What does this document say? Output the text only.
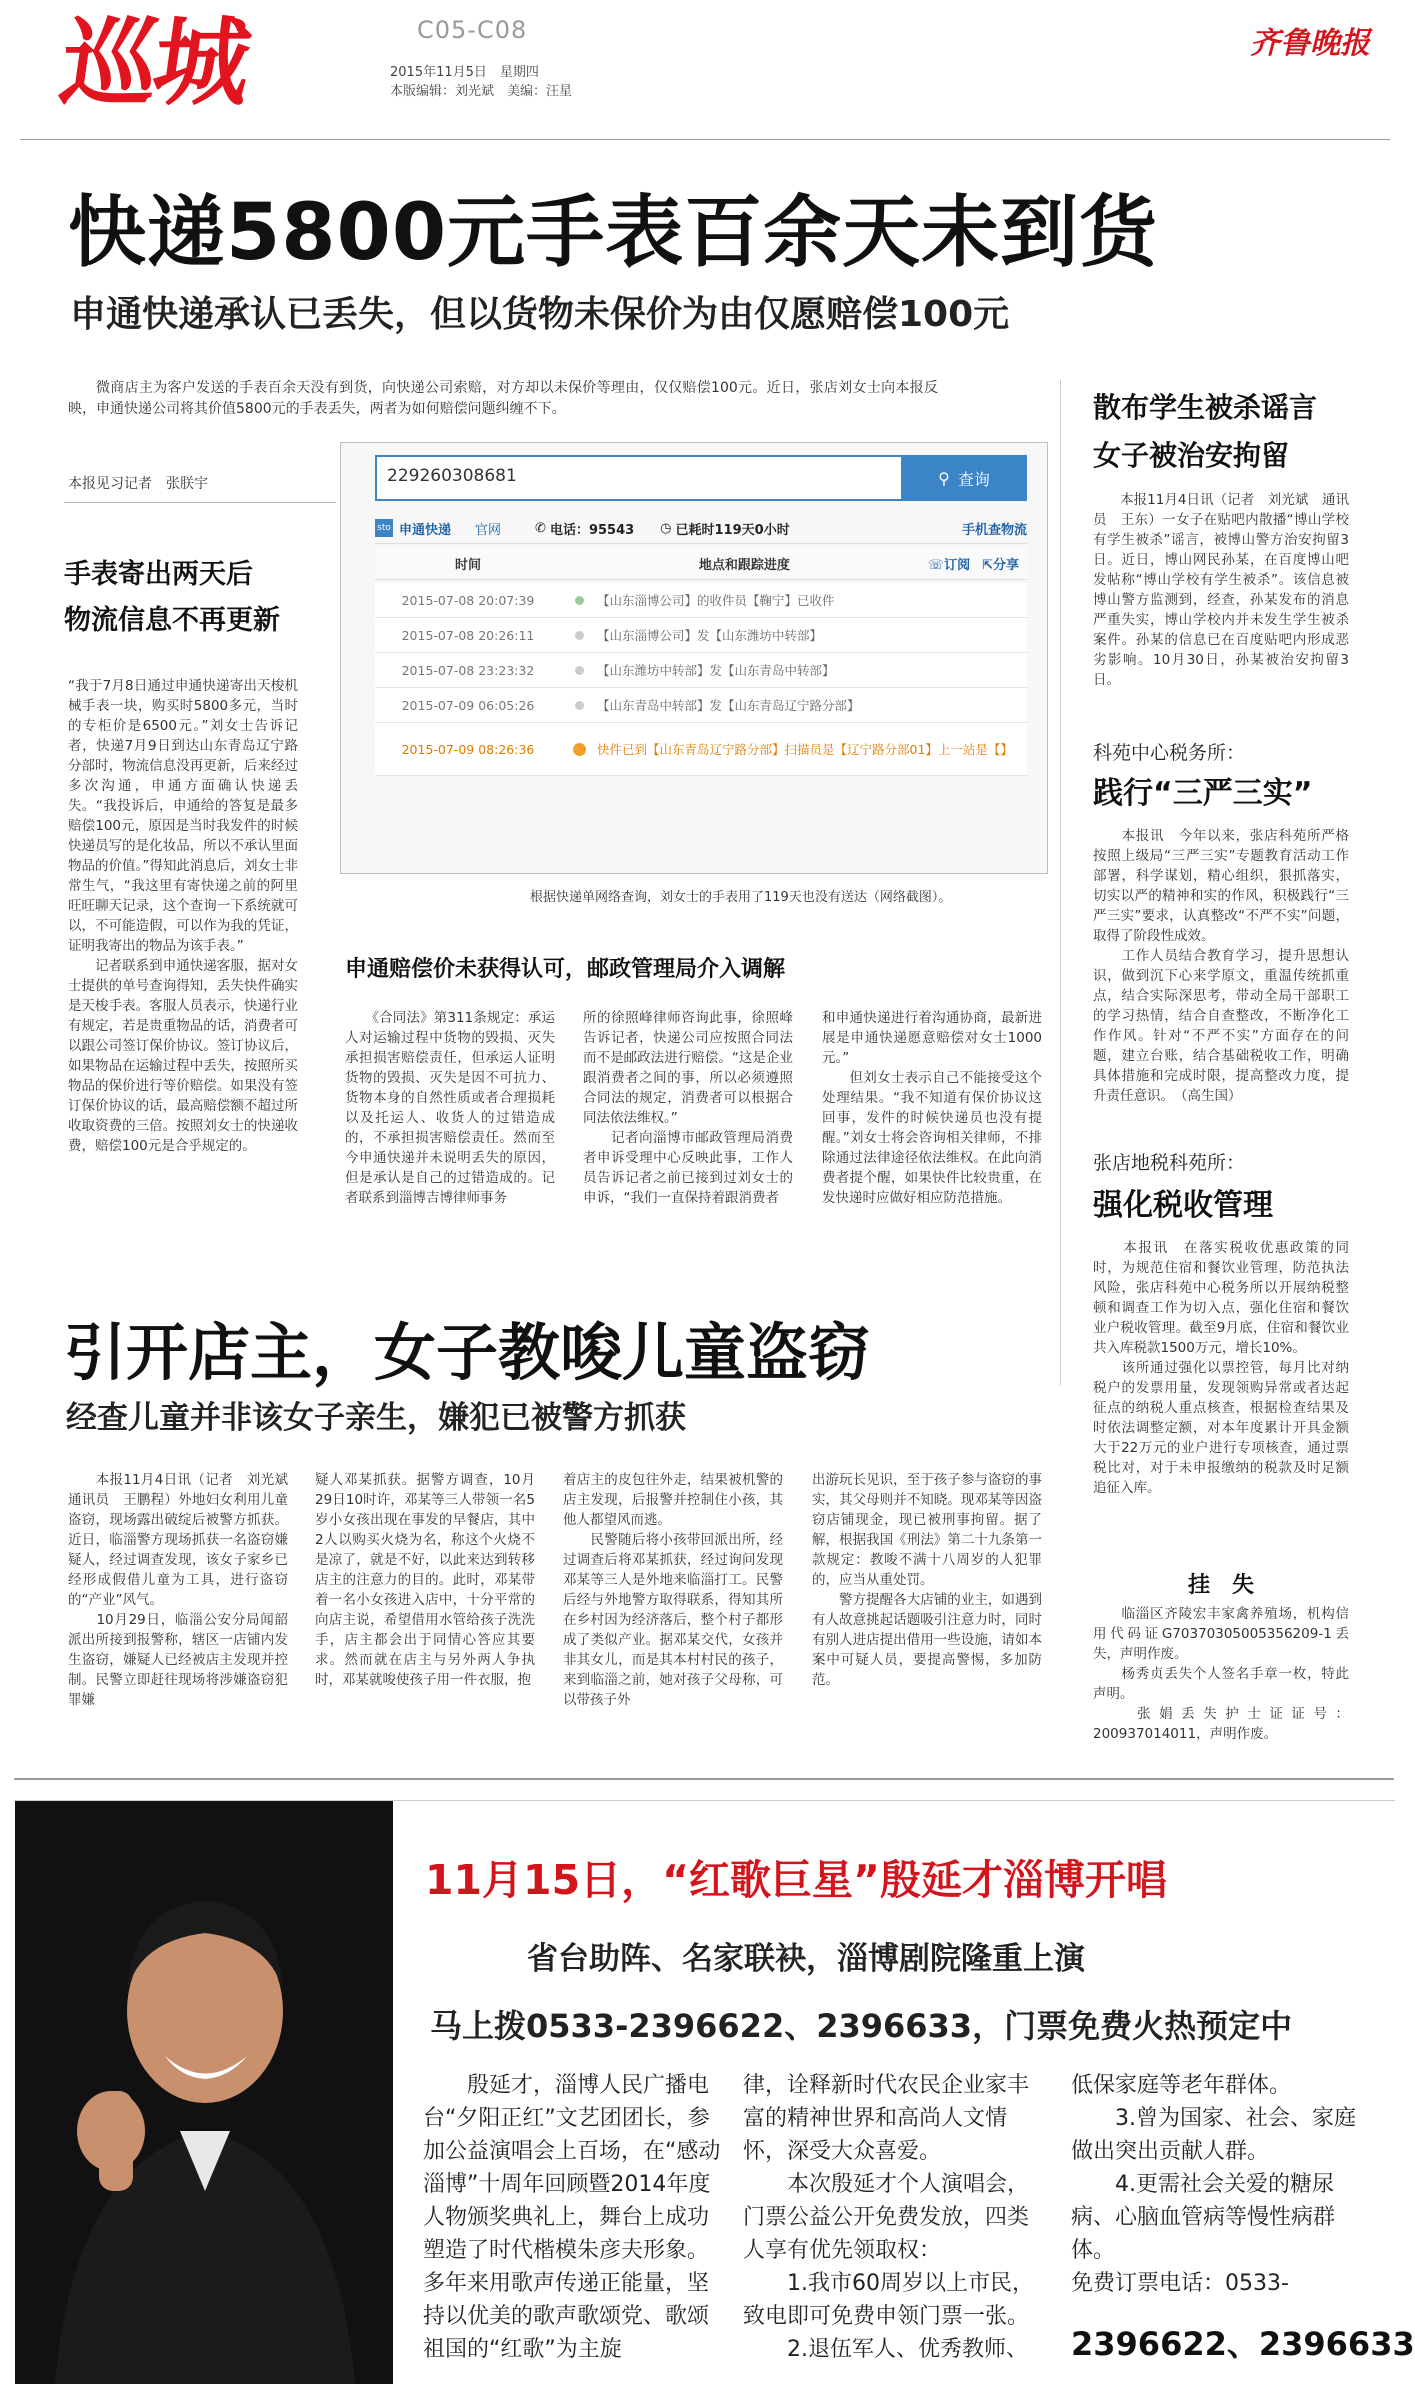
巡城	C05-C08
2015年11月5日　星期四
本版编辑：刘光斌　美编：汪星
齐鲁晚报
快递5800元手表百余天未到货
申通快递承认已丢失，但以货物未保价为由仅愿赔偿100元
微商店主为客户发送的手表百余天没有到货，向快递公司索赔，对方却以未保价等理由，仅仅赔偿100元。近日，张店刘女士向本报反映，申通快递公司将其价值5800元的手表丢失，两者为如何赔偿问题纠缠不下。
本报见习记者　张朕宇
手表寄出两天后
物流信息不再更新
“我于7月8日通过申通快递寄出天梭机械手表一块，购买时5800多元，当时的专柜价是6500元。”刘女士告诉记者，快递7月9日到达山东青岛辽宁路分部时，物流信息没再更新，后来经过多次沟通，申通方面确认快递丢失。“我投诉后，申通给的答复是最多赔偿100元，原因是当时我发件的时候快递员写的是化妆品，所以不承认里面物品的价值。”得知此消息后，刘女士非常生气，“我这里有寄快递之前的阿里旺旺聊天记录，这个查询一下系统就可以，不可能造假，可以作为我的凭证，证明我寄出的物品为该手表。”
　　记者联系到申通快递客服，据对女士提供的单号查询得知，丢失快件确实是天梭手表。客服人员表示，快递行业有规定，若是贵重物品的话，消费者可以跟公司签订保价协议。签订协议后，如果物品在运输过程中丢失，按照所买物品的保价进行等价赔偿。如果没有签订保价协议的话，最高赔偿额不超过所收取资费的三倍。按照刘女士的快递收费，赔偿100元是合乎规定的。
229260308681	⚲ 查询
sto 申通快递 官网	✆ 电话：95543 ◷ 已耗时119天0小时	手机查物流
时间	地点和跟踪进度	☏订阅 ⇱分享
2015-07-08 20:07:39	【山东淄博公司】的收件员【鞠宁】已收件
2015-07-08 20:26:11	【山东淄博公司】发【山东潍坊中转部】
2015-07-08 23:23:32	【山东潍坊中转部】发【山东青岛中转部】
2015-07-09 06:05:26	【山东青岛中转部】发【山东青岛辽宁路分部】
2015-07-09 08:26:36	快件已到【山东青岛辽宁路分部】扫描员是【辽宁路分部01】上一站是【】
根据快递单网络查询，刘女士的手表用了119天也没有送达（网络截图）。
申通赔偿价未获得认可，邮政管理局介入调解
　　《合同法》第311条规定：承运人对运输过程中货物的毁损、灭失承担损害赔偿责任，但承运人证明货物的毁损、灭失是因不可抗力、货物本身的自然性质或者合理损耗以及托运人、收货人的过错造成的，不承担损害赔偿责任。然而至今申通快递并未说明丢失的原因，但是承认是自己的过错造成的。记者联系到淄博吉博律师事务
所的徐照峰律师咨询此事，徐照峰告诉记者，快递公司应按照合同法而不是邮政法进行赔偿。“这是企业跟消费者之间的事，所以必须遵照合同法的规定，消费者可以根据合同法依法维权。”
　　记者向淄博市邮政管理局消费者申诉受理中心反映此事，工作人员告诉记者之前已接到过刘女士的申诉，“我们一直保持着跟消费者
和申通快递进行着沟通协商，最新进展是申通快递愿意赔偿对女士1000元。”
　　但刘女士表示自己不能接受这个处理结果。“我不知道有保价协议这回事，发件的时候快递员也没有提醒。”刘女士将会咨询相关律师，不排除通过法律途径依法维权。在此向消费者提个醒，如果快件比较贵重，在发快递时应做好相应防范措施。
引开店主，女子教唆儿童盗窃
经查儿童并非该女子亲生，嫌犯已被警方抓获
　　本报11月4日讯（记者　刘光斌　通讯员　王鹏程）外地妇女利用儿童盗窃，现场露出破绽后被警方抓获。近日，临淄警方现场抓获一名盗窃嫌疑人，经过调查发现，该女子家乡已经形成假借儿童为工具，进行盗窃的“产业”风气。
　　10月29日，临淄公安分局闻韶派出所接到报警称，辖区一店铺内发生盗窃，嫌疑人已经被店主发现并控制。民警立即赶往现场将涉嫌盗窃犯罪嫌
疑人邓某抓获。据警方调查，10月29日10时许，邓某等三人带领一名5岁小女孩出现在事发的早餐店，其中2人以购买火烧为名，称这个火烧不是凉了，就是不好，以此来达到转移店主的注意力的目的。此时，邓某带着一名小女孩进入店中，十分平常的向店主说，希望借用水管给孩子洗洗手，店主都会出于同情心答应其要求。然而就在店主与另外两人争执时，邓某就唆使孩子用一件衣服，抱
着店主的皮包往外走，结果被机警的店主发现，后报警并控制住小孩，其他人都望风而逃。
　　民警随后将小孩带回派出所，经过调查后将邓某抓获，经过询问发现邓某等三人是外地来临淄打工。民警后经与外地警方取得联系，得知其所在乡村因为经济落后，整个村子都形成了类似产业。据邓某交代，女孩并非其女儿，而是其本村村民的孩子，来到临淄之前，她对孩子父母称，可以带孩子外
出游玩长见识，至于孩子参与盗窃的事实，其父母则并不知晓。现邓某等因盗窃店铺现金，现已被刑事拘留。据了解，根据我国《刑法》第二十九条第一款规定：教唆不满十八周岁的人犯罪的，应当从重处罚。
　　警方提醒各大店铺的业主，如遇到有人故意挑起话题吸引注意力时，同时有别人进店提出借用一些设施，请如本案中可疑人员，要提高警惕，多加防范。
散布学生被杀谣言
女子被治安拘留
　　本报11月4日讯（记者　刘光斌　通讯员　王东）一女子在贴吧内散播“博山学校有学生被杀”谣言，被博山警方治安拘留3日。近日，博山网民孙某，在百度博山吧发帖称“博山学校有学生被杀”。该信息被博山警方监测到，经查，孙某发布的消息严重失实，博山学校内并未发生学生被杀案件。孙某的信息已在百度贴吧内形成恶劣影响。10月30日，孙某被治安拘留3日。
科苑中心税务所：
践行“三严三实”
　　本报讯　今年以来，张店科苑所严格按照上级局“三严三实”专题教育活动工作部署，科学谋划，精心组织，狠抓落实，切实以严的精神和实的作风，积极践行“三严三实”要求，认真整改“不严不实”问题，取得了阶段性成效。
　　工作人员结合教育学习，提升思想认识，做到沉下心来学原文，重温传统抓重点，结合实际深思考，带动全局干部职工的学习热情，结合自查整改，不断净化工作作风。针对“不严不实”方面存在的问题，建立台账，结合基础税收工作，明确具体措施和完成时限，提高整改力度，提升责任意识。　（高生国）
张店地税科苑所：
强化税收管理
　　本报讯　在落实税收优惠政策的同时，为规范住宿和餐饮业管理，防范执法风险，张店科苑中心税务所以开展纳税整顿和调查工作为切入点，强化住宿和餐饮业户税收管理。截至9月底，住宿和餐饮业共入库税款1500万元，增长10%。
　　该所通过强化以票控管，每月比对纳税户的发票用量，发现领购异常或者达起征点的纳税人重点核查，根据检查结果及时依法调整定额，对本年度累计开具金额大于22万元的业户进行专项核查，通过票税比对，对于未申报缴纳的税款及时足额追征入库。
挂　失
　　临淄区齐陵宏丰家禽养殖场，机构信用代码证G70370305005356209-1丢失，声明作废。
　　杨秀贞丢失个人签名手章一枚，特此声明。
　　张娟丢失护士证证号：200937014011，声明作废。
11月15日，“红歌巨星”殷延才淄博开唱
省台助阵、名家联袂，淄博剧院隆重上演
马上拨0533-2396622、2396633，门票免费火热预定中
　　殷延才，淄博人民广播电台“夕阳正红”文艺团团长，参加公益演唱会上百场，在“感动淄博”十周年回顾暨2014年度人物颁奖典礼上，舞台上成功塑造了时代楷模朱彦夫形象。多年来用歌声传递正能量，坚持以优美的歌声歌颂党、歌颂祖国的“红歌”为主旋
律，诠释新时代农民企业家丰富的精神世界和高尚人文情怀，深受大众喜爱。
　　本次殷延才个人演唱会，门票公益公开免费发放，四类人享有优先领取权：
　　1.我市60周岁以上市民，致电即可免费申领门票一张。
　　2.退伍军人、优秀教师、
低保家庭等老年群体。
　　3.曾为国家、社会、家庭做出突出贡献人群。
　　4.更需社会关爱的糖尿病、心脑血管病等慢性病群体。
免费订票电话：0533-
2396622、2396633
